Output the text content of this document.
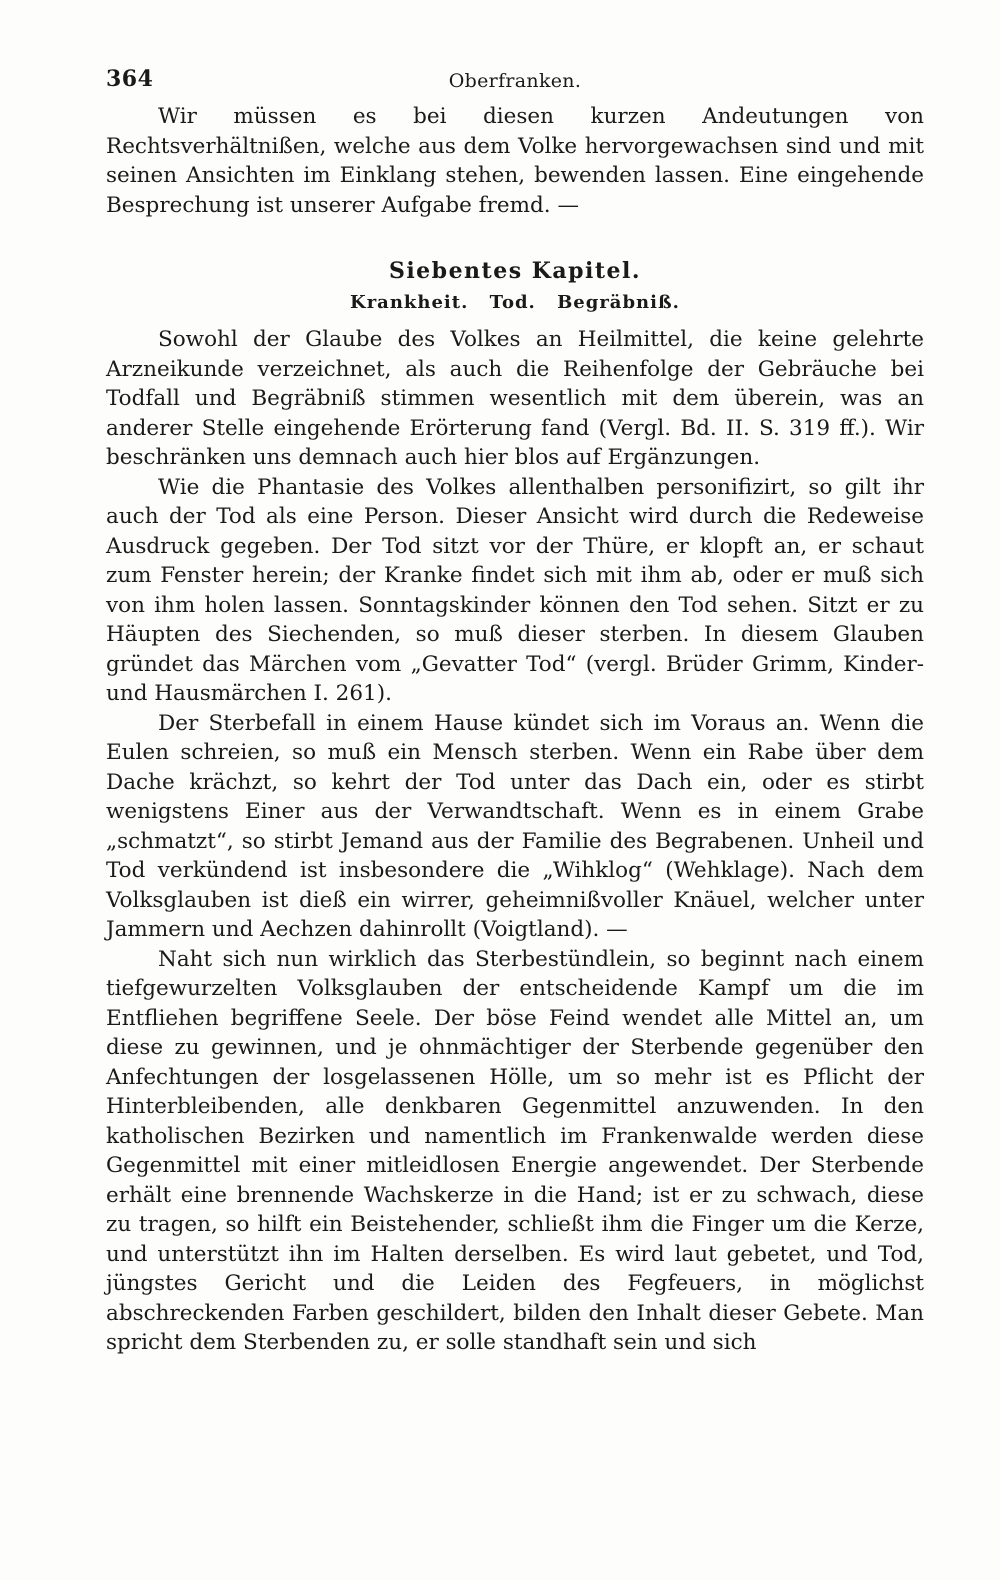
364	Oberfranken.

Wir müssen es bei diesen kurzen Andeutungen von Rechtsverhältnißen, welche aus dem Volke hervorgewachsen sind und mit seinen Ansichten im Einklang stehen, bewenden lassen. Eine eingehende Besprechung ist unserer Aufgabe fremd. —

Siebentes Kapitel.
Krankheit. Tod. Begräbniß.

Sowohl der Glaube des Volkes an Heilmittel, die keine gelehrte Arzneikunde verzeichnet, als auch die Reihenfolge der Gebräuche bei Todfall und Begräbniß stimmen wesentlich mit dem überein, was an anderer Stelle eingehende Erörterung fand (Vergl. Bd. II. S. 319 ff.). Wir beschränken uns demnach auch hier blos auf Ergänzungen.

Wie die Phantasie des Volkes allenthalben personifizirt, so gilt ihr auch der Tod als eine Person. Dieser Ansicht wird durch die Redeweise Ausdruck gegeben. Der Tod sitzt vor der Thüre, er klopft an, er schaut zum Fenster herein; der Kranke findet sich mit ihm ab, oder er muß sich von ihm holen lassen. Sonntagskinder können den Tod sehen. Sitzt er zu Häupten des Siechenden, so muß dieser sterben. In diesem Glauben gründet das Märchen vom „Gevatter Tod“ (vergl. Brüder Grimm, Kinder- und Hausmärchen I. 261).

Der Sterbefall in einem Hause kündet sich im Voraus an. Wenn die Eulen schreien, so muß ein Mensch sterben. Wenn ein Rabe über dem Dache krächzt, so kehrt der Tod unter das Dach ein, oder es stirbt wenigstens Einer aus der Verwandtschaft. Wenn es in einem Grabe „schmatzt“, so stirbt Jemand aus der Familie des Begrabenen. Unheil und Tod verkündend ist insbesondere die „Wihklog“ (Wehklage). Nach dem Volksglauben ist dieß ein wirrer, geheimnißvoller Knäuel, welcher unter Jammern und Aechzen dahinrollt (Voigtland). —

Naht sich nun wirklich das Sterbestündlein, so beginnt nach einem tiefgewurzelten Volksglauben der entscheidende Kampf um die im Entfliehen begriffene Seele. Der böse Feind wendet alle Mittel an, um diese zu gewinnen, und je ohnmächtiger der Sterbende gegenüber den Anfechtungen der losgelassenen Hölle, um so mehr ist es Pflicht der Hinterbleibenden, alle denkbaren Gegenmittel anzuwenden. In den katholischen Bezirken und namentlich im Frankenwalde werden diese Gegenmittel mit einer mitleidlosen Energie angewendet. Der Sterbende erhält eine brennende Wachskerze in die Hand; ist er zu schwach, diese zu tragen, so hilft ein Beistehender, schließt ihm die Finger um die Kerze, und unterstützt ihn im Halten derselben. Es wird laut gebetet, und Tod, jüngstes Gericht und die Leiden des Fegfeuers, in möglichst abschreckenden Farben geschildert, bilden den Inhalt dieser Gebete. Man spricht dem Sterbenden zu, er solle standhaft sein und sich
